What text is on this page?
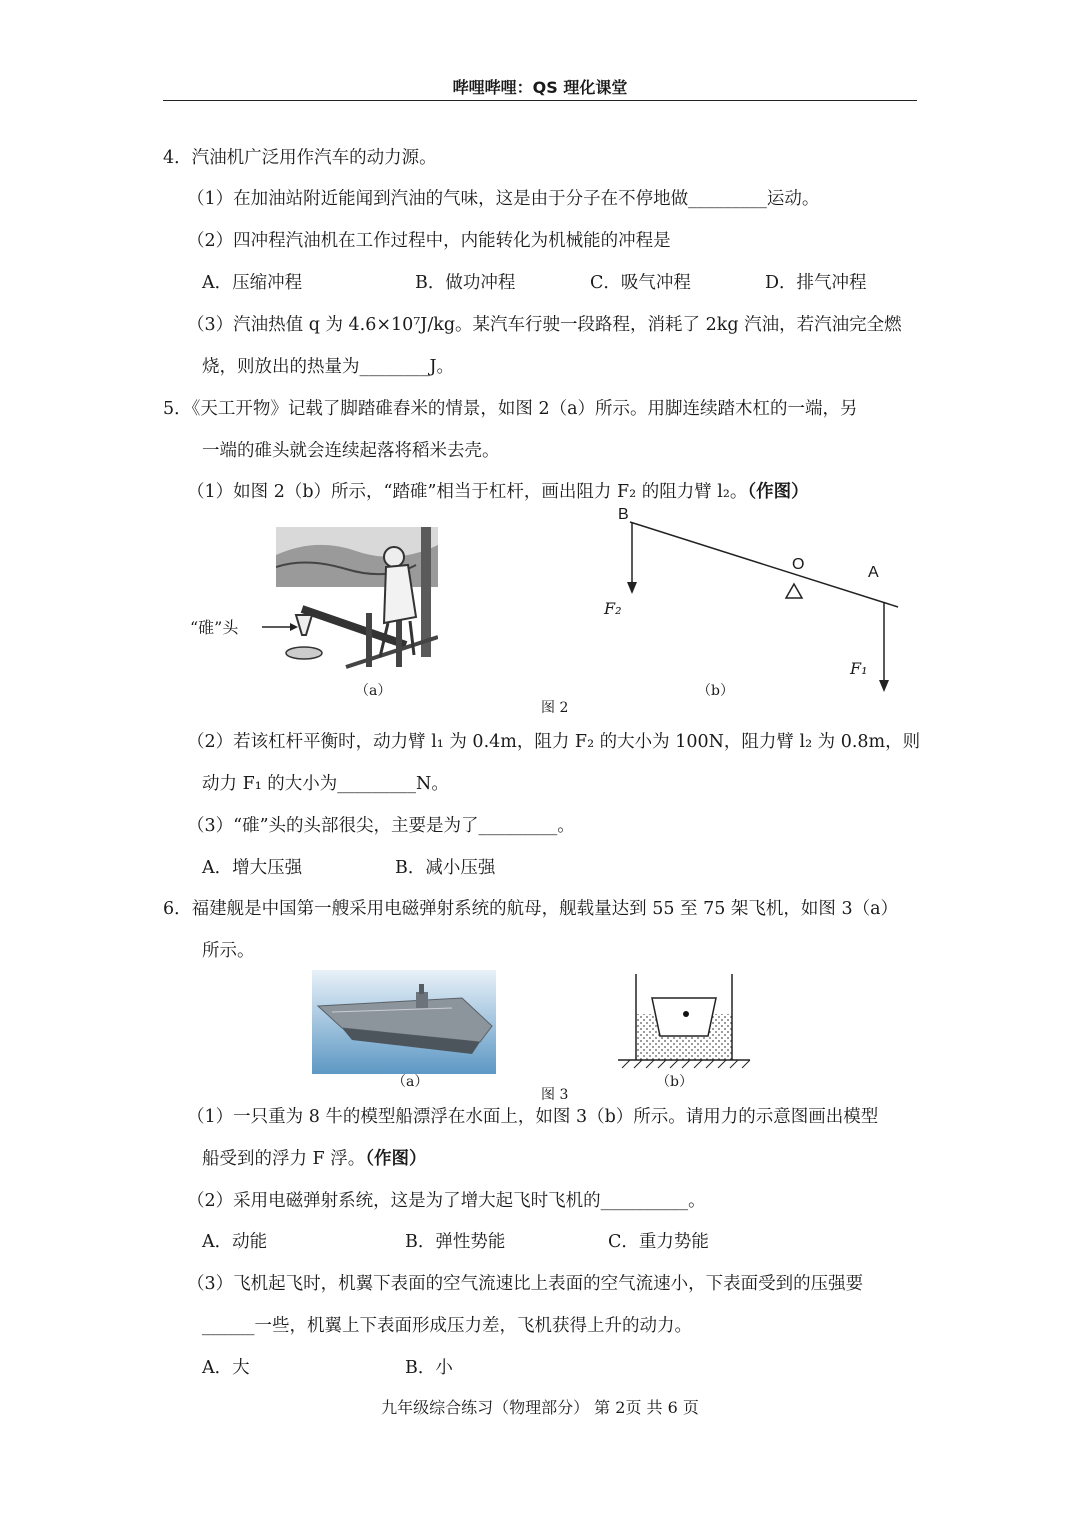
哔哩哔哩：QS 理化课堂
4．汽油机广泛用作汽车的动力源。
（1）在加油站附近能闻到汽油的气味，这是由于分子在不停地做_________运动。
（2）四冲程汽油机在工作过程中，内能转化为机械能的冲程是
A．压缩冲程	B．做功冲程	C．吸气冲程	D．排气冲程
（3）汽油热值 q 为 4.6×10⁷J/kg。某汽车行驶一段路程，消耗了 2kg 汽油，若汽油完全燃
烧，则放出的热量为________J。
5．《天工开物》记载了脚踏碓舂米的情景，如图 2（a）所示。用脚连续踏木杠的一端，另
一端的碓头就会连续起落将稻米去壳。
（1）如图 2（b）所示，“踏碓”相当于杠杆，画出阻力 F₂ 的阻力臂 l₂。（作图）
“碓”头
（a）
B
O	A
F₂
F₁
（b）
图 2
（2）若该杠杆平衡时，动力臂 l₁ 为 0.4m，阻力 F₂ 的大小为 100N，阻力臂 l₂ 为 0.8m，则
动力 F₁ 的大小为_________N。
（3）“碓”头的头部很尖，主要是为了_________。
A．增大压强	B．减小压强
6．福建舰是中国第一艘采用电磁弹射系统的航母，舰载量达到 55 至 75 架飞机，如图 3（a）
所示。
（a）	（b）
图 3
（1）一只重为 8 牛的模型船漂浮在水面上，如图 3（b）所示。请用力的示意图画出模型
船受到的浮力 F 浮。（作图）
（2）采用电磁弹射系统，这是为了增大起飞时飞机的__________。
A．动能	B．弹性势能	C．重力势能
（3）飞机起飞时，机翼下表面的空气流速比上表面的空气流速小，下表面受到的压强要
______一些，机翼上下表面形成压力差，飞机获得上升的动力。
A．大	B．小
九年级综合练习（物理部分） 第 2页 共 6 页
